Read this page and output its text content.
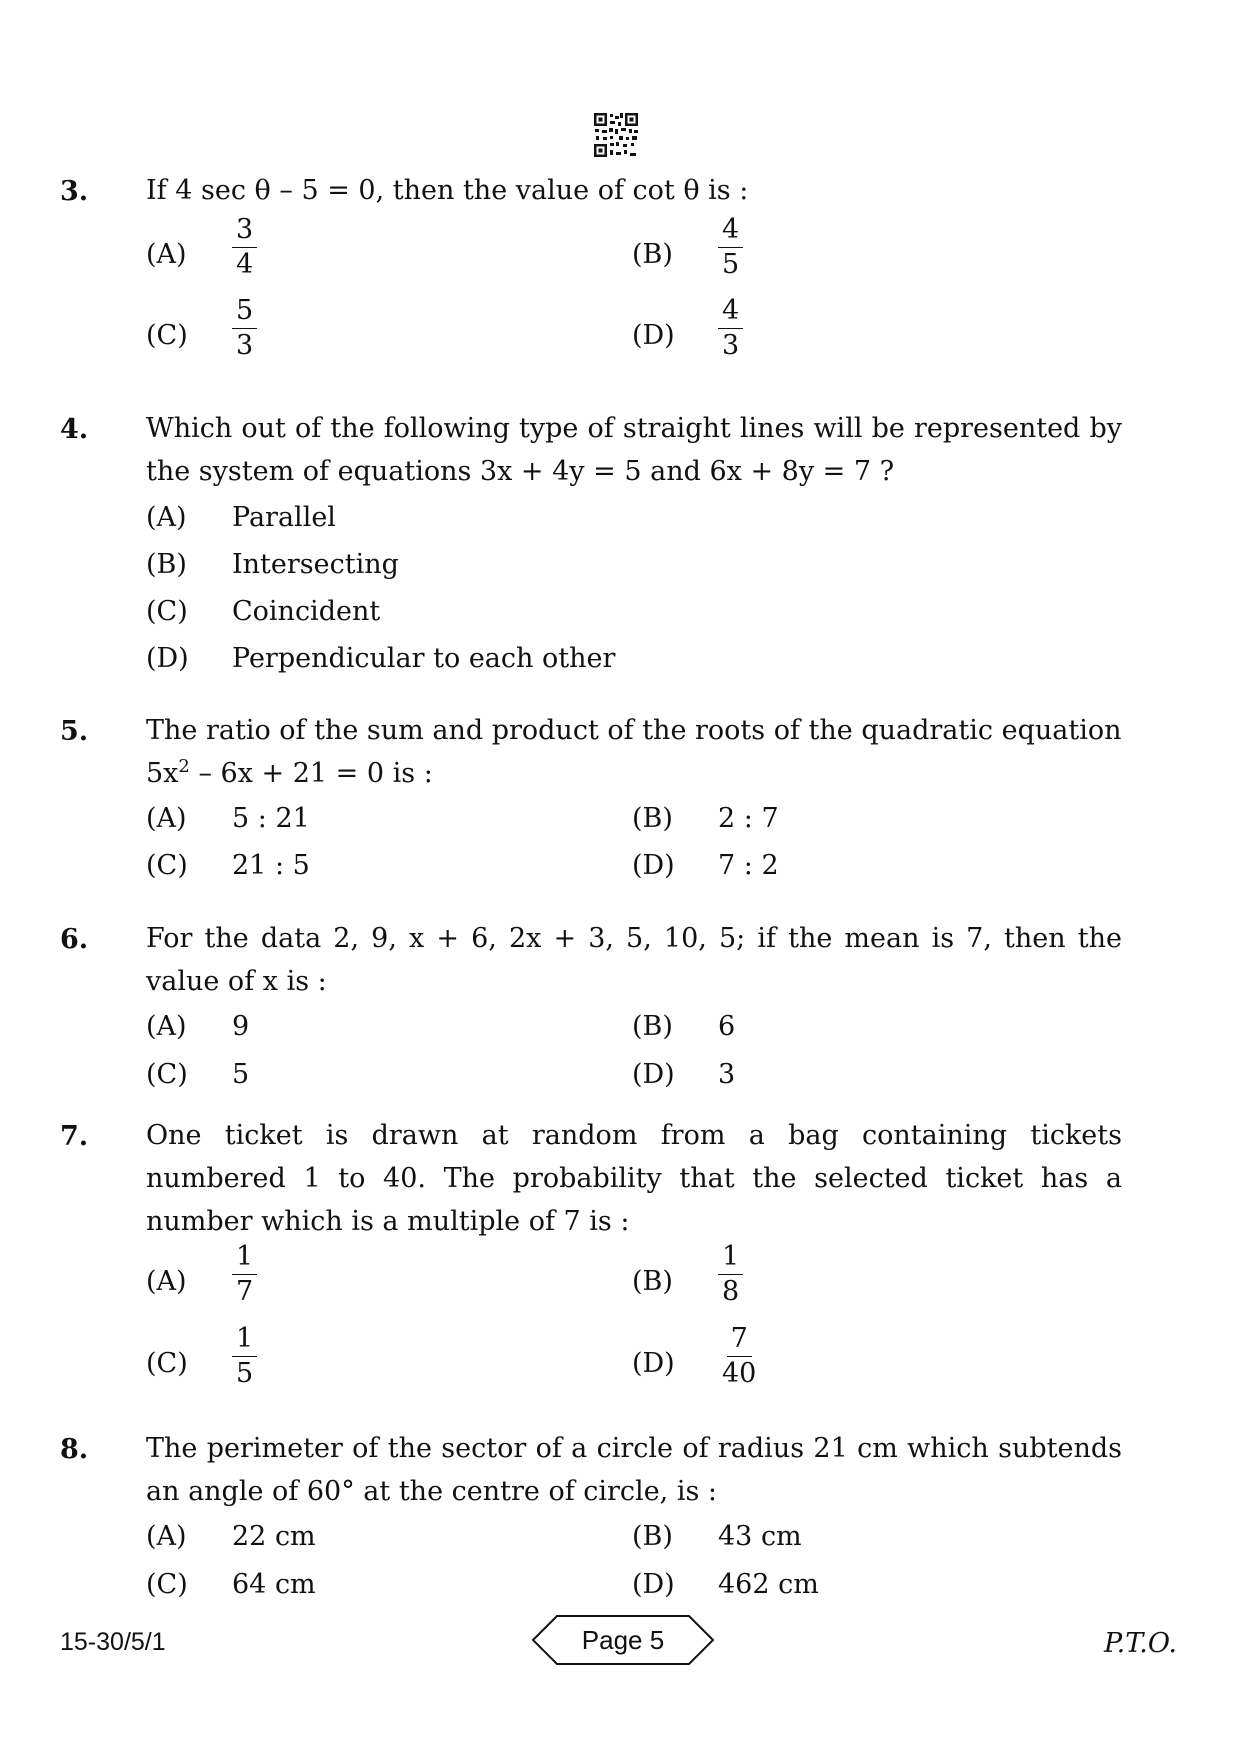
3. If 4 sec θ – 5 = 0, then the value of cot θ is :
$(A) \frac{3}{4}$	$(B) \frac{4}{5}$
$(C) \frac{5}{3}$	$(D) \frac{4}{3}$
4. Which out of the following type of straight lines will be represented by the system of equations 3x + 4y = 5 and 6x + 8y = 7 ?
(A) Parallel
(B) Intersecting
(C) Coincident
(D) Perpendicular to each other
5. The ratio of the sum and product of the roots of the quadratic equation
$5x^2 - 6x + 21 = 0$ is :
(A) 5 : 21	(B) 2 : 7
(C) 21 : 5	(D) 7 : 2
6. For the data 2, 9, x + 6, 2x + 3, 5, 10, 5; if the mean is 7, then the value of x is :
(A) 9	(B) 6
(C) 5	(D) 3
7. One ticket is drawn at random from a bag containing tickets numbered 1 to 40. The probability that the selected ticket has a number which is a multiple of 7 is :
$(A) \frac{1}{7}$	$(B) \frac{1}{8}$
$(C) \frac{1}{5}$	$(D) \frac{7}{40}$
8. The perimeter of the sector of a circle of radius 21 cm which subtends an angle of 60° at the centre of circle, is :
(A) 22 cm	(B) 43 cm
(C) 64 cm	(D) 462 cm
15-30/5/1	Page 5	P.T.O.
